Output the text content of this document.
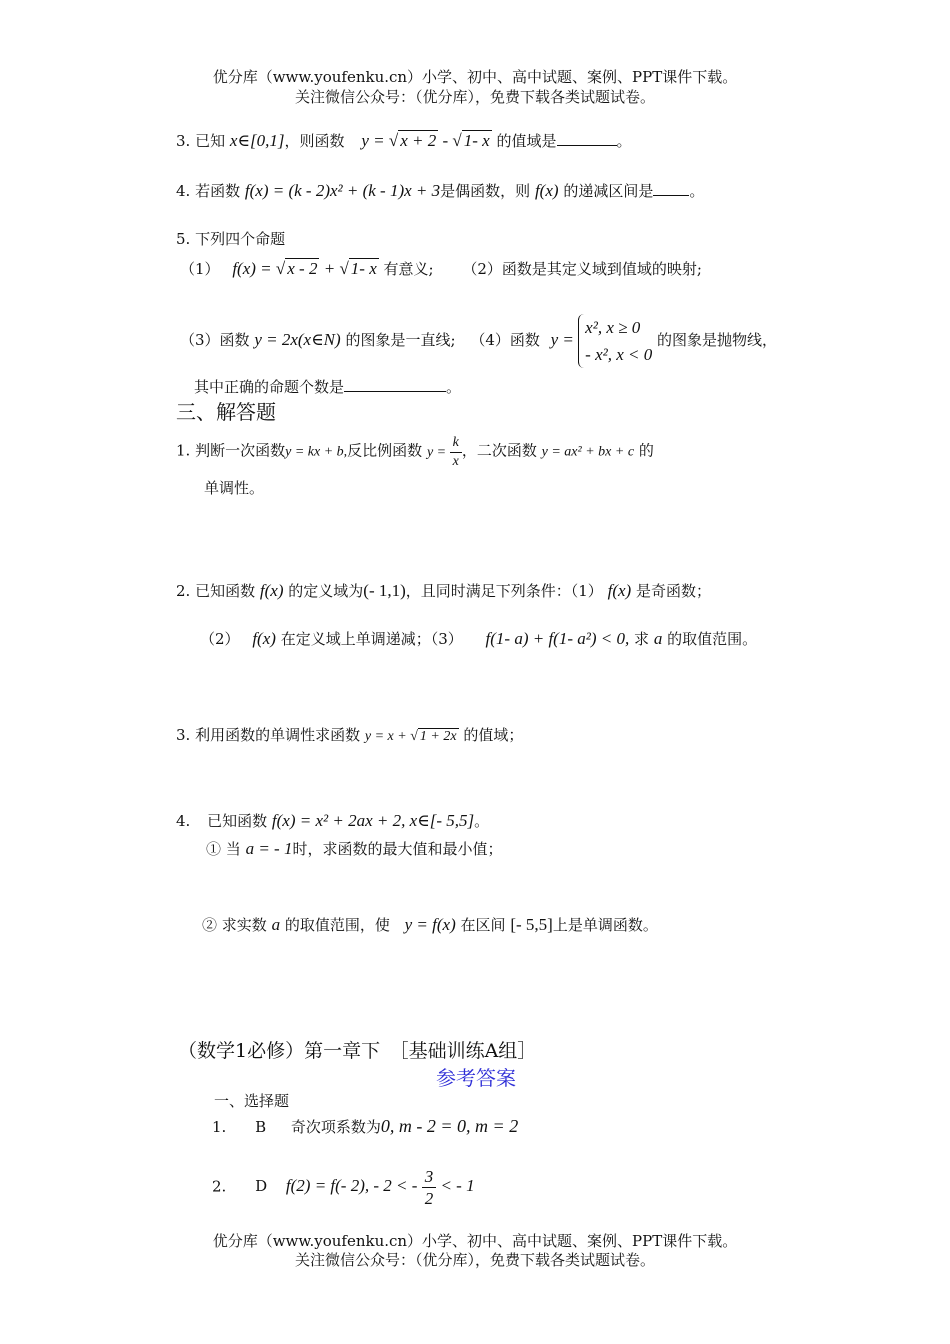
优分库（www.youfenku.cn）小学、初中、高中试题、案例、PPT课件下载。
关注微信公众号：（优分库），免费下载各类试题试卷。
3. 已知 x∈[0,1]，则函数 y = √ x + 2 - √ 1- x 的值域是	。
4. 若函数 f(x) = (k - 2)x² + (k - 1)x + 3是偶函数，则 f(x) 的递减区间是 。
5. 下列四个命题
（1） f(x) = √ x - 2 + √ 1- x 有意义; （2）函数是其定义域到值域的映射;
（3）函数 y = 2x(x∈N) 的图象是一直线; （4）函数 y =
x², x ≥ 0
- x², x < 0
的图象是抛物线，
其中正确的命题个数是	。
三、解答题
1. 判断一次函数y = kx + b,反比例函数 $y = \frac{k}{x}$ ，二次函数 y = ax² + bx + c 的
单调性。
2. 已知函数 f(x) 的定义域为(- 1,1)，且同时满足下列条件：（1） f(x) 是奇函数；
（2） f(x) 在定义域上单调递减；（3） f(1- a) + f(1- a²) < 0, 求 a 的取值范围。
3. 利用函数的单调性求函数 y = x + √ 1 + 2x 的值域；
4. 已知函数 f(x) = x² + 2ax + 2, x∈[- 5,5]。
① 当 a = - 1时，求函数的最大值和最小值；
② 求实数 a 的取值范围，使 y = f(x) 在区间 [- 5,5]上是单调函数。
（数学1必修）第一章下　［基础训练A组］
参考答案
一、选择题
1. B 奇次项系数为0, m - 2 = 0, m = 2
2. D f(2) = f(- 2), - 2 < - $\frac{3}{2}$ < - 1
优分库（www.youfenku.cn）小学、初中、高中试题、案例、PPT课件下载。
关注微信公众号：（优分库），免费下载各类试题试卷。
